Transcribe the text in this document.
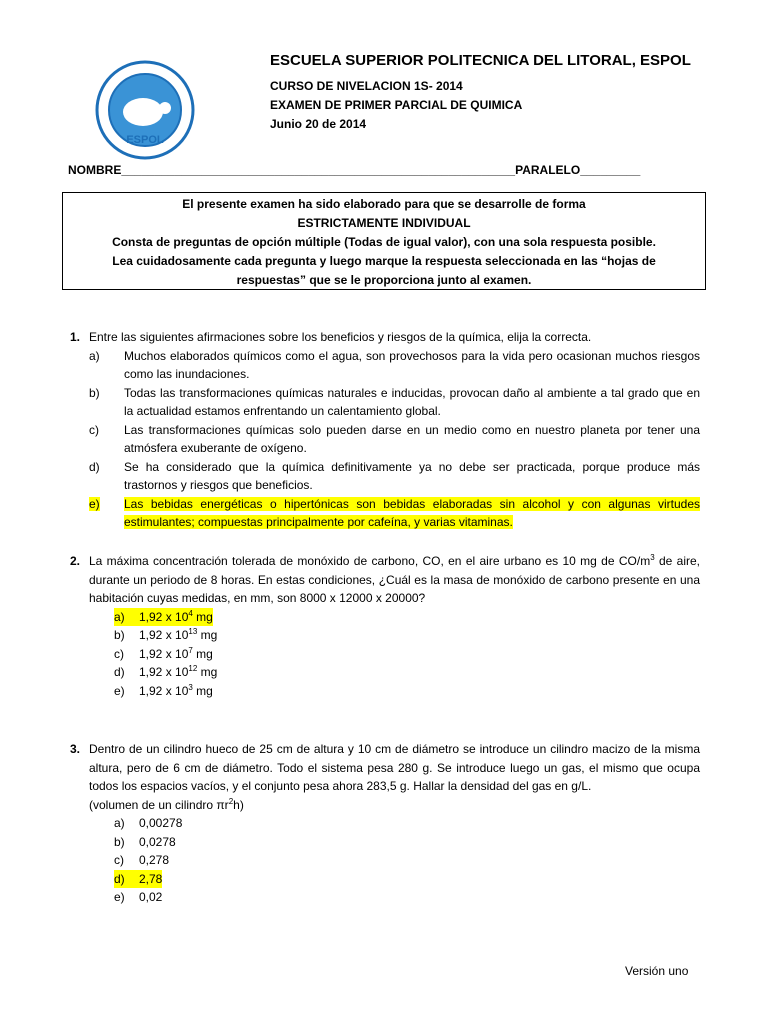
ESPOL
ESCUELA SUPERIOR POLITECNICA DEL LITORAL, ESPOL
CURSO DE NIVELACION 1S- 2014
EXAMEN DE PRIMER PARCIAL DE QUIMICA
Junio 20 de 2014
NOMBRE___________________________________________________________PARALELO_________
El presente examen ha sido elaborado para que se desarrolle de forma
ESTRICTAMENTE INDIVIDUAL
Consta de preguntas de opción múltiple (Todas de igual valor), con una sola respuesta posible.
Lea cuidadosamente cada pregunta y luego marque la respuesta seleccionada en las “hojas de
respuestas” que se le proporciona junto al examen.
1. Entre las siguientes afirmaciones sobre los beneficios y riesgos de la química, elija la correcta.
a)	Muchos elaborados químicos como el agua, son provechosos para la vida pero ocasionan muchos riesgos como las inundaciones.
b)	Todas las transformaciones químicas naturales e inducidas, provocan daño al ambiente a tal grado que en la actualidad estamos enfrentando un calentamiento global.
c)	Las transformaciones químicas solo pueden darse en un medio como en nuestro planeta por tener una atmósfera exuberante de oxígeno.
d)	Se ha considerado que la química definitivamente ya no debe ser practicada, porque produce más trastornos y riesgos que beneficios.
e)	Las bebidas energéticas o hipertónicas son bebidas elaboradas sin alcohol y con algunas virtudes estimulantes; compuestas principalmente por cafeína, y varias vitaminas.
2. La máxima concentración tolerada de monóxido de carbono, CO, en el aire urbano es 10 mg de $CO/m^3$ de aire, durante un periodo de 8 horas. En estas condiciones, ¿Cuál es la masa de monóxido de carbono presente en una habitación cuyas medidas, en mm, son 8000 x 12000 x 20000?
a) 1,92 x $10^4$ mg
b)	1,92 x $10^{13}$ mg
c)	1,92 x $10^7$ mg
d)	1,92 x $10^{12}$ mg
e)	1,92 x $10^3$ mg
3. Dentro de un cilindro hueco de 25 cm de altura y 10 cm de diámetro se introduce un cilindro macizo de la misma altura, pero de 6 cm de diámetro. Todo el sistema pesa 280 g. Se introduce luego un gas, el mismo que ocupa todos los espacios vacíos, y el conjunto pesa ahora 283,5 g. Hallar la densidad del gas en g/L.
(volumen de un cilindro $\pi r^2h$)
a)	0,00278
b)	0,0278
c)	0,278
d) 2,78
e)	0,02
Versión uno
